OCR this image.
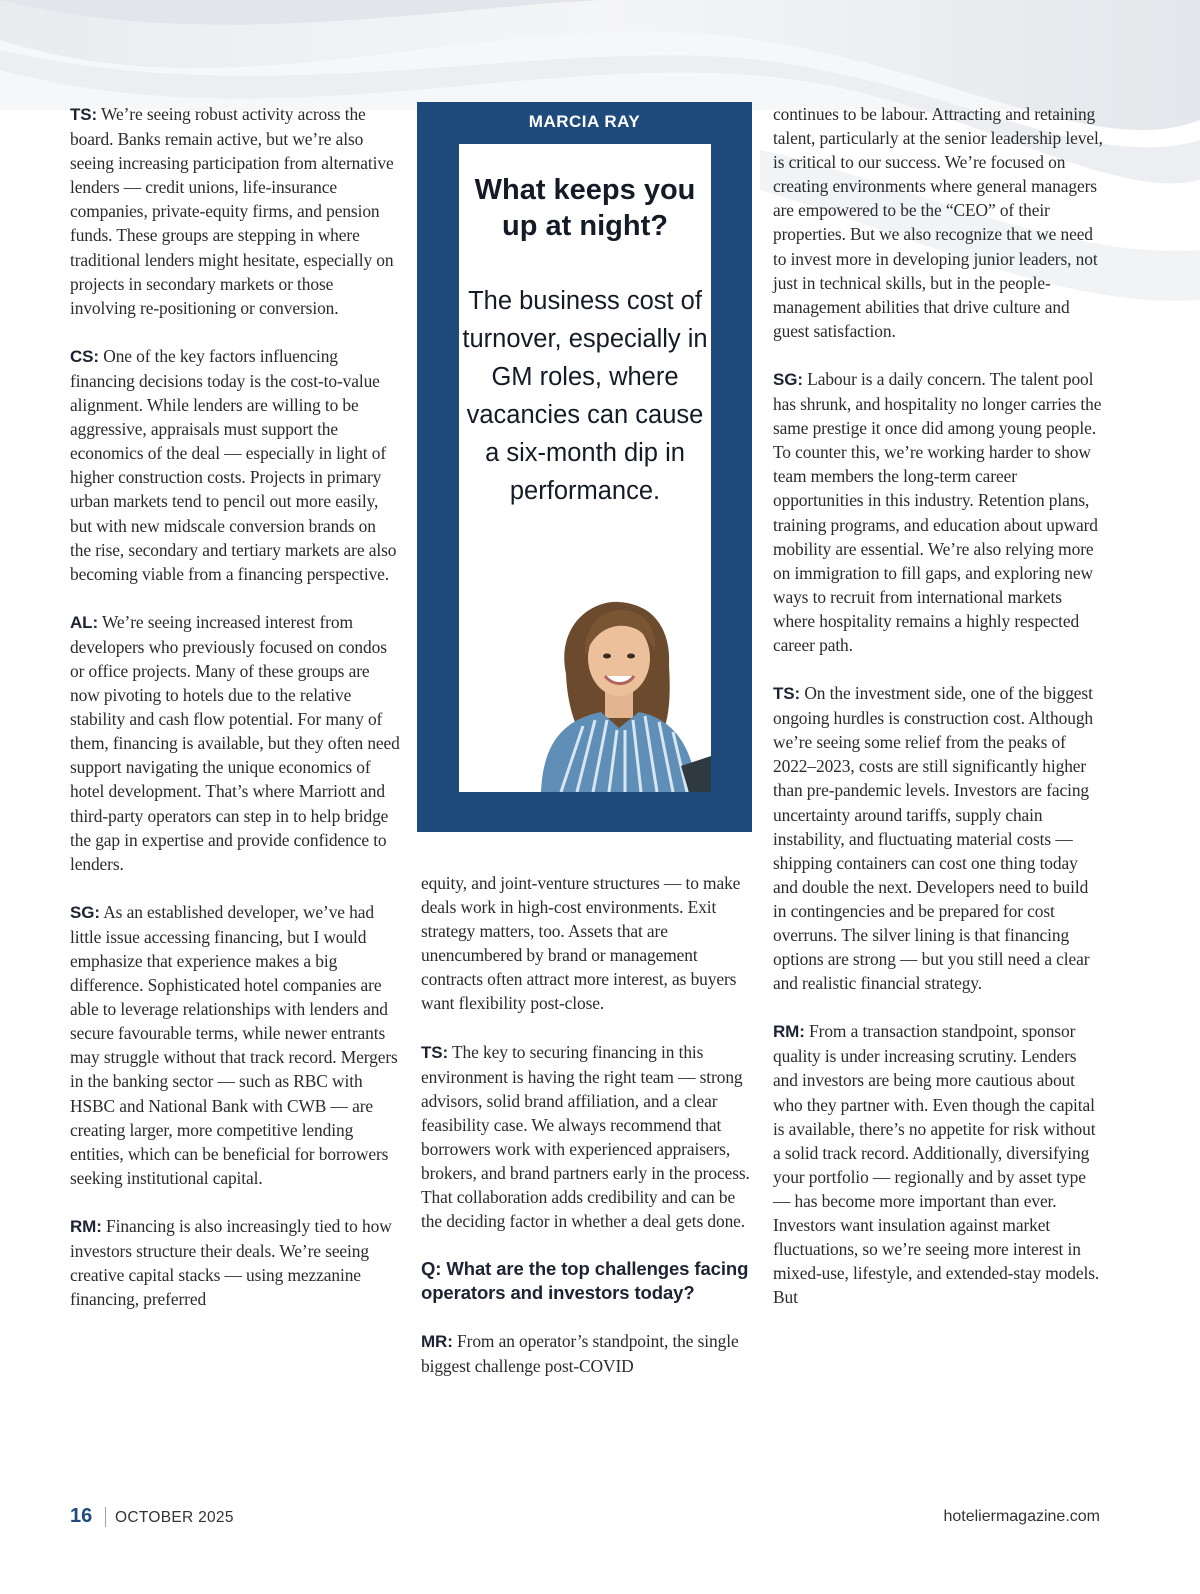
TS: We’re seeing robust activity across the board. Banks remain active, but we’re also seeing increasing participation from alternative lenders — credit unions, life-insurance companies, private-equity firms, and pension funds. These groups are stepping in where traditional lenders might hesitate, especially on projects in secondary markets or those involving re-positioning or conversion.

CS: One of the key factors influencing financing decisions today is the cost-to-value alignment. While lenders are willing to be aggressive, appraisals must support the economics of the deal — especially in light of higher construction costs. Projects in primary urban markets tend to pencil out more easily, but with new midscale conversion brands on the rise, secondary and tertiary markets are also becoming viable from a financing perspective.

AL: We’re seeing increased interest from developers who previously focused on condos or office projects. Many of these groups are now pivoting to hotels due to the relative stability and cash flow potential. For many of them, financing is available, but they often need support navigating the unique economics of hotel development. That’s where Marriott and third-party operators can step in to help bridge the gap in expertise and provide confidence to lenders.

SG: As an established developer, we’ve had little issue accessing financing, but I would emphasize that experience makes a big difference. Sophisticated hotel companies are able to leverage relationships with lenders and secure favourable terms, while newer entrants may struggle without that track record. Mergers in the banking sector — such as RBC with HSBC and National Bank with CWB — are creating larger, more competitive lending entities, which can be beneficial for borrowers seeking institutional capital.

RM: Financing is also increasingly tied to how investors structure their deals. We’re seeing creative capital stacks — using mezzanine financing, preferred

MARCIA RAY
What keeps you up at night?
The business cost of turnover, especially in GM roles, where vacancies can cause a six-month dip in performance.

equity, and joint-venture structures — to make deals work in high-cost environments. Exit strategy matters, too. Assets that are unencumbered by brand or management contracts often attract more interest, as buyers want flexibility post-close.

TS: The key to securing financing in this environment is having the right team — strong advisors, solid brand affiliation, and a clear feasibility case. We always recommend that borrowers work with experienced appraisers, brokers, and brand partners early in the process. That collaboration adds credibility and can be the deciding factor in whether a deal gets done.

Q: What are the top challenges facing operators and investors today?

MR: From an operator’s standpoint, the single biggest challenge post-COVID

continues to be labour. Attracting and retaining talent, particularly at the senior leadership level, is critical to our success. We’re focused on creating environments where general managers are empowered to be the “CEO” of their properties. But we also recognize that we need to invest more in developing junior leaders, not just in technical skills, but in the people-management abilities that drive culture and guest satisfaction.

SG: Labour is a daily concern. The talent pool has shrunk, and hospitality no longer carries the same prestige it once did among young people. To counter this, we’re working harder to show team members the long-term career opportunities in this industry. Retention plans, training programs, and education about upward mobility are essential. We’re also relying more on immigration to fill gaps, and exploring new ways to recruit from international markets where hospitality remains a highly respected career path.

TS: On the investment side, one of the biggest ongoing hurdles is construction cost. Although we’re seeing some relief from the peaks of 2022–2023, costs are still significantly higher than pre-pandemic levels. Investors are facing uncertainty around tariffs, supply chain instability, and fluctuating material costs — shipping containers can cost one thing today and double the next. Developers need to build in contingencies and be prepared for cost overruns. The silver lining is that financing options are strong — but you still need a clear and realistic financial strategy.

RM: From a transaction standpoint, sponsor quality is under increasing scrutiny. Lenders and investors are being more cautious about who they partner with. Even though the capital is available, there’s no appetite for risk without a solid track record. Additionally, diversifying your portfolio — regionally and by asset type — has become more important than ever. Investors want insulation against market fluctuations, so we’re seeing more interest in mixed-use, lifestyle, and extended-stay models. But

16 OCTOBER 2025	hoteliermagazine.com
